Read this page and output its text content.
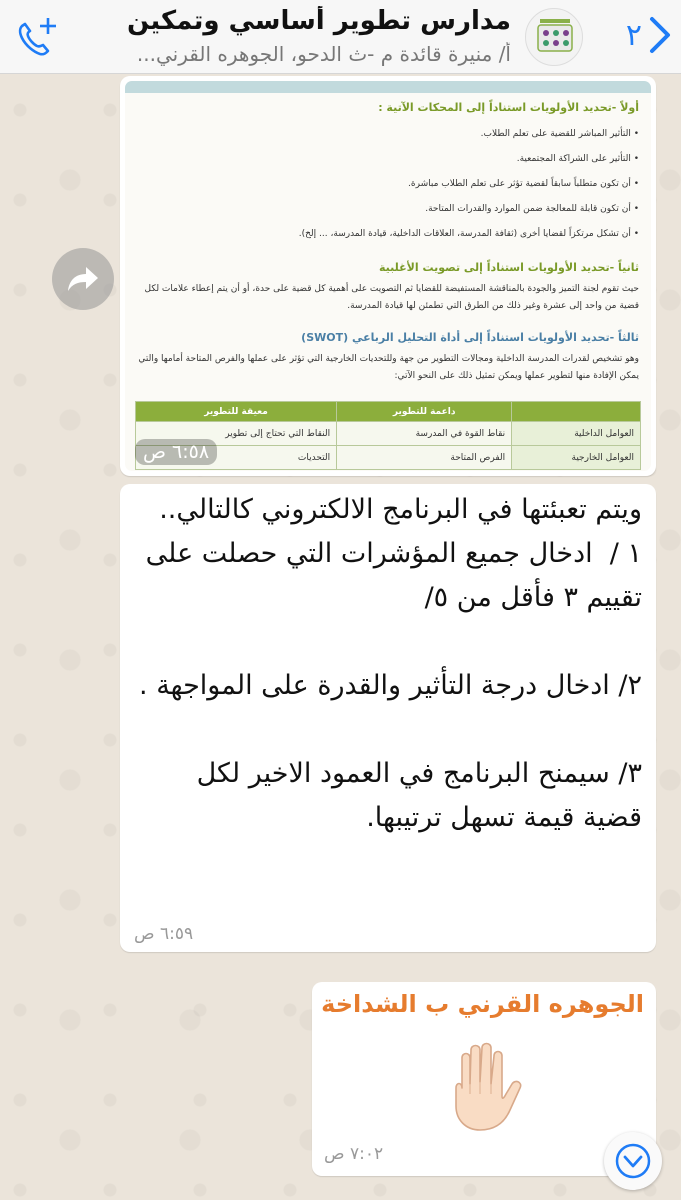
مدارس تطوير أساسي وتمكين
أ/ منيرة قائدة م -ث الدحو، الجوهره القرني...
٢
أولاً -تحديد الأولويات استناداً إلى المحكات الآتية :
• التأثير المباشر للقضية على تعلم الطلاب.
• التأثير على الشراكة المجتمعية.
• أن تكون متطلباً سابقاً لقضية تؤثر على تعلم الطلاب مباشرة.
• أن تكون قابلة للمعالجة ضمن الموارد والقدرات المتاحة.
• أن تشكل مرتكزاً لقضايا أخرى (ثقافة المدرسة، العلاقات الداخلية، قيادة المدرسة، ... إلخ).
ثانياً -تحديد الأولويات استناداً إلى تصويت الأغلبية
حيث تقوم لجنة التميز والجودة بالمناقشة المستفيضة للقضايا ثم التصويت على أهمية كل قضية على حدة، أو أن يتم إعطاء علامات لكل قضية من واحد إلى عشرة وغير ذلك من الطرق التي تطمئن لها قيادة المدرسة.
ثالثاً -تحديد الأولويات استناداً إلى أداة التحليل الرباعي (SWOT)
وهو تشخيص لقدرات المدرسة الداخلية ومجالات التطوير من جهة وللتحديات الخارجية التي تؤثر على عملها والفرص المتاحة أمامها والتي يمكن الإفادة منها لتطوير عملها ويمكن تمثيل ذلك على النحو الآتي:
	داعمة للتطوير	معيقة للتطوير
العوامل الداخلية	نقاط القوة في المدرسة	النقاط التي تحتاج إلى تطوير
العوامل الخارجية	الفرص المتاحة	التحديات
٦:٥٨ ص
ويتم تعبئتها في البرنامج الالكتروني كالتالي..
١ /  ادخال جميع المؤشرات التي حصلت على تقييم ٣ فأقل من ٥/

٢/ ادخال درجة التأثير والقدرة على المواجهة .

٣/ سيمنح البرنامج في العمود الاخير لكل قضية قيمة تسهل ترتيبها.
٦:٥٩ ص
الجوهره القرني ب الشداخة
٧:٠٢ ص
